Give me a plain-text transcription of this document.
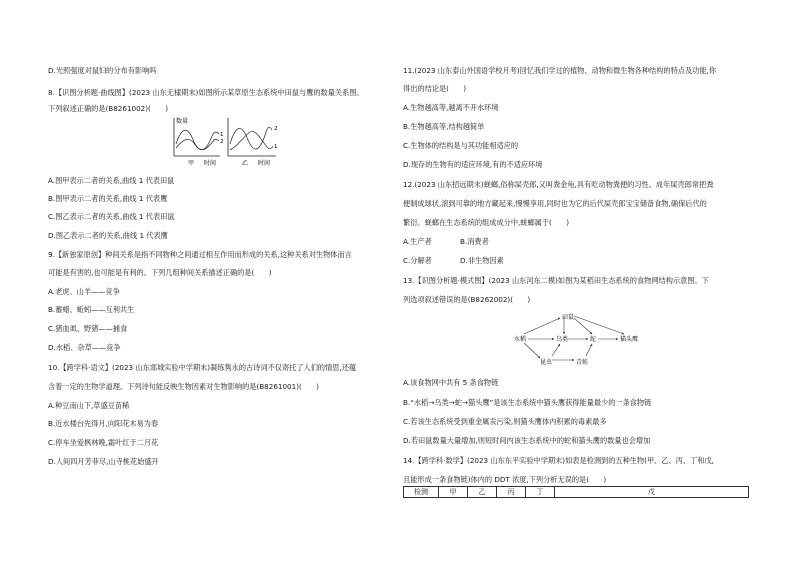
D.光照强度对鼠妇的分布有影响吗
8.【识图分析题·曲线图】(2023 山东无棣期末)如图所示某草原生态系统中田鼠与鹰的数量关系图。
下列叙述正确的是(B8261002)(　　)
数量
1
2
甲 时间
2
1
乙 时间
A.图甲表示二者的关系,曲线 1 代表田鼠
B.图甲表示二者的关系,曲线 1 代表鹰
C.图乙表示二者的关系,曲线 1 代表田鼠
D.图乙表示二者的关系,曲线 1 代表鹰
9.【新独家原创】种间关系是指不同物种之间通过相互作用而形成的关系,这种关系对生物体而言
可能是有害的,也可能是有利的。下列几组种间关系描述正确的是(　　)
A.老虎、山羊——竞争
B.蓄蜡、蚯蚓——互利共生
C.猪血虱、野猪——捕食
D.水稻、杂草——竞争
10.【跨学科·语文】(2023 山东郯城实验中学期末)凝练隽永的古诗词不仅寄托了人们的情思,还蕴
含着一定的生物学道理。下列诗句能反映生物因素对生物影响的是(B8261001)(　　)
A.种豆南山下,草盛豆苗稀
B.近水楼台先得月,向阳花木易为春
C.停车坐爱枫林晚,霜叶红于二月花
D.人间四月芳菲尽,山寺桃花始盛开
11.(2023 山东泰山外国语学校月考)回忆我们学过的植物、动物和微生物各种结构的特点及功能,你
得出的结论是(　　)
A.生物越高等,越离不开水环境
B.生物越高等,结构越简单
C.生物体的结构是与其功能相适应的
D.现存的生物有的适应环境,有的不适应环境
12.(2023 山东招远期末)蜣螂,俗称屎壳郎,又叫粪金龟,具有吃动物粪便的习性。成年屎壳郎常把粪
便制成球状,滚到可靠的地方藏起来,慢慢享用,同时也为它的后代屎壳郎宝宝储备食物,确保后代的
繁衍。蜣螂在生态系统的组成成分中,蜣螂属于(　　)
A.生产者	B.消费者
C.分解者	D.非生物因素
13.【识图分析题·模式图】(2023 山东河东二模)如图为某稻田生态系统的食物网结构示意图。下
列选项叙述错误的是(B8262002)(　　)
田鼠
水稻	乌类	蛇	猫头鹰
昆虫	青蛙
A.该食物网中共有 5 条食物链
B.“水稻→乌类→蛇→猫头鹰”是该生态系统中猫头鹰获得能量最少的一条食物链
C.若该生态系统受到重金属汞污染,则猫头鹰体内积累的毒素最多
D.若田鼠数量大量增加,则短时间内该生态系统中的蛇和猫头鹰的数量也会增加
14.【跨学科·数学】(2023 山东东平实验中学期末)如表是检测到的五种生物(甲、乙、丙、丁和戊,
且能形成一条食物链)体内的 DDT 浓度,下列分析无误的是(　　)
检测	甲	乙	丙	丁	戊
